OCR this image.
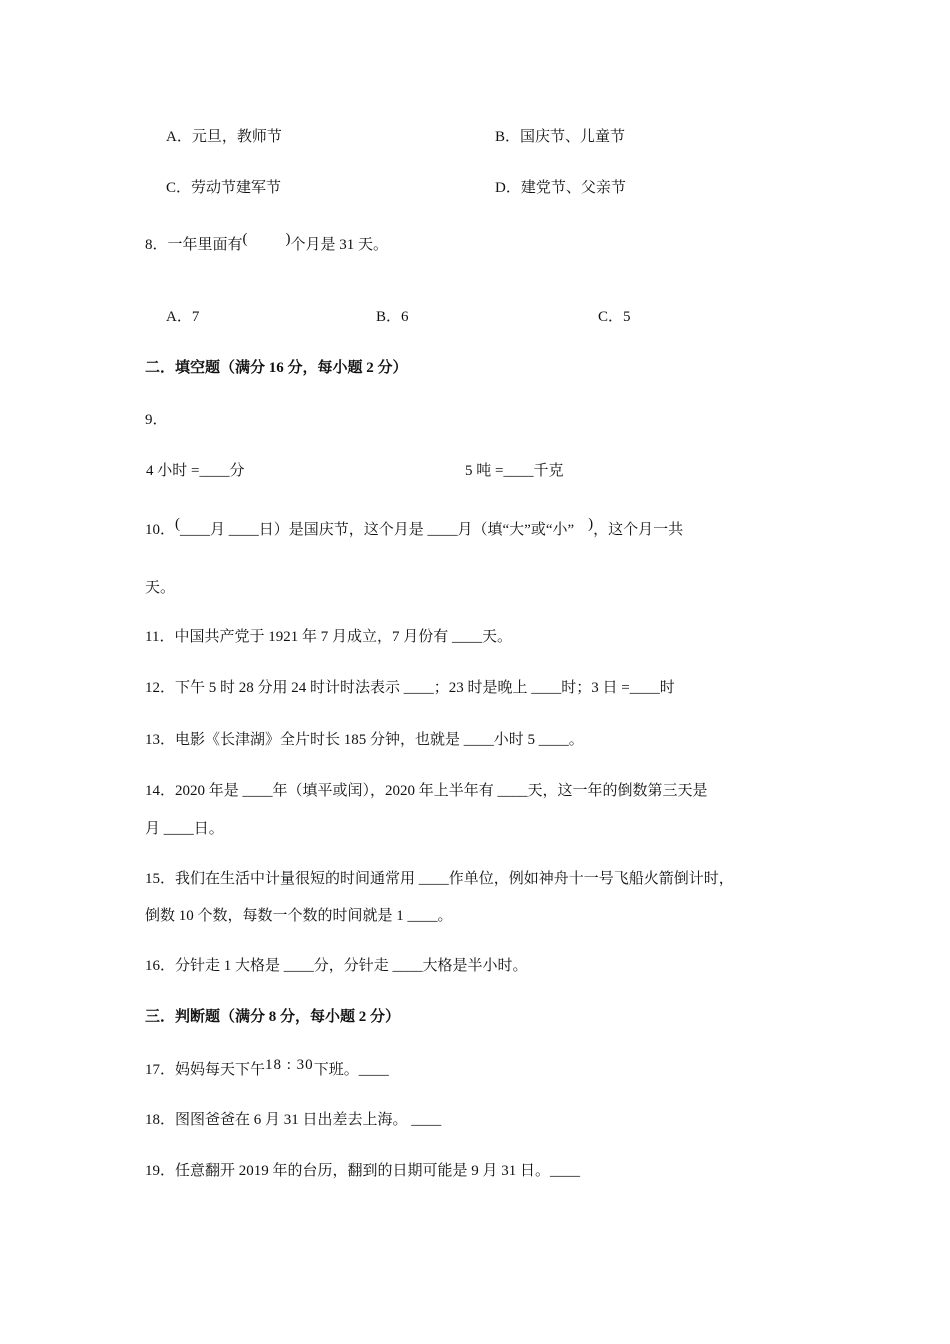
A．元旦，教师节	B．国庆节、儿童节
C．劳动节建军节	D．建党节、父亲节
8．一年里面有(	)个月是 31 天。
A．7	B．6	C．5
二．填空题（满分 16 分，每小题 2 分）
9．
4 小时 =____分	5 吨 =____千克
10．(____月 ____日）是国庆节，这个月是 ____月（填“大”或“小” )，这个月一共
天。
11．中国共产党于 1921 年 7 月成立，7 月份有 ____天。
12．下午 5 时 28 分用 24 时计时法表示 ____；23 时是晚上 ____时；3 日 =____时
13．电影《长津湖》全片时长 185 分钟，也就是 ____小时 5 ____。
14．2020 年是 ____年（填平或闰），2020 年上半年有 ____天，这一年的倒数第三天是
月 ____日。
15．我们在生活中计量很短的时间通常用 ____作单位，例如神舟十一号飞船火箭倒计时，
倒数 10 个数，每数一个数的时间就是 1 ____。
16．分针走 1 大格是 ____分，分针走 ____大格是半小时。
三．判断题（满分 8 分，每小题 2 分）
17．妈妈每天下午18 : 30下班。____
18．图图爸爸在 6 月 31 日出差去上海。 ____
19．任意翻开 2019 年的台历，翻到的日期可能是 9 月 31 日。____
